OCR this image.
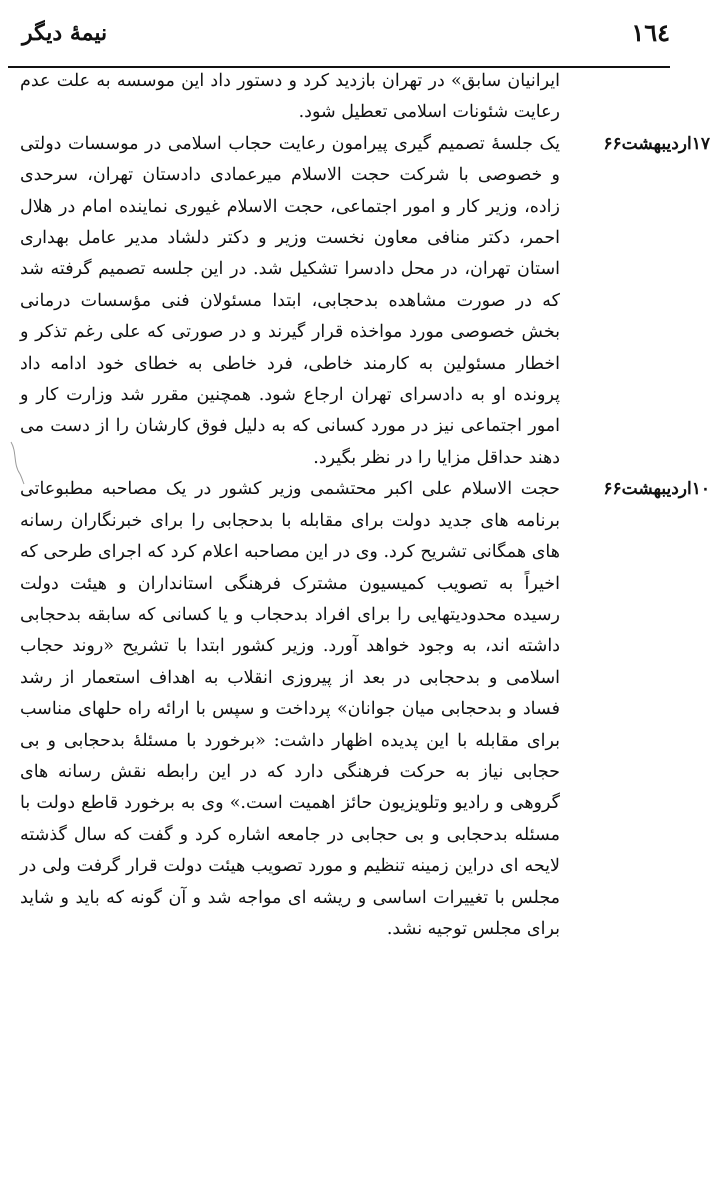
نیمهٔ دیگر	١٦٤

ایرانیان سابق» در تهران بازدید کرد و دستور داد این موسسه به علت عدم رعایت شئونات اسلامی تعطیل شود.

۱۷اردیبهشت۶۶

یک جلسهٔ تصمیم گیری پیرامون رعایت حجاب اسلامی در موسسات دولتی و خصوصی با شرکت حجت الاسلام میرعمادی دادستان تهران، سرحدی زاده، وزیر کار و امور اجتماعی، حجت الاسلام غیوری نماینده امام در هلال احمر، دکتر منافی معاون نخست وزیر و دکتر دلشاد مدیر عامل بهداری استان تهران، در محل دادسرا تشکیل شد. در این جلسه تصمیم گرفته شد که در صورت مشاهده بدحجابی، ابتدا مسئولان فنی مؤسسات درمانی بخش خصوصی مورد مواخذه قرار گیرند و در صورتی که علی رغم تذکر و اخطار مسئولین به کارمند خاطی، فرد خاطی به خطای خود ادامه داد پرونده او به دادسرای تهران ارجاع شود. همچنین مقرر شد وزارت کار و امور اجتماعی نیز در مورد کسانی که به دلیل فوق کارشان را از دست می دهند حداقل مزایا را در نظر بگیرد.

۱۰اردیبهشت۶۶

حجت الاسلام علی اکبر محتشمی وزیر کشور در یک مصاحبه مطبوعاتی برنامه های جدید دولت برای مقابله با بدحجابی را برای خبرنگاران رسانه های همگانی تشریح کرد. وی در این مصاحبه اعلام کرد که اجرای طرحی که اخیراً به تصویب کمیسیون مشترک فرهنگی استانداران و هیئت دولت رسیده محدودیتهایی را برای افراد بدحجاب و یا کسانی که سابقه بدحجابی داشته اند، به وجود خواهد آورد. وزیر کشور ابتدا با تشریح «روند حجاب اسلامی و بدحجابی در بعد از پیروزی انقلاب به اهداف استعمار از رشد فساد و بدحجابی میان جوانان» پرداخت و سپس با ارائه راه حلهای مناسب برای مقابله با این پدیده اظهار داشت: «برخورد با مسئلهٔ بدحجابی و بی حجابی نیاز به حرکت فرهنگی دارد که در این رابطه نقش رسانه های گروهی و رادیو وتلویزیون حائز اهمیت است.» وی به برخورد قاطع دولت با مسئله بدحجابی و بی حجابی در جامعه اشاره کرد و گفت که سال گذشته لایحه ای دراین زمینه تنظیم و مورد تصویب هیئت دولت قرار گرفت ولی در مجلس با تغییرات اساسی و ریشه ای مواجه شد و آن گونه که باید و شاید برای مجلس توجیه نشد.
